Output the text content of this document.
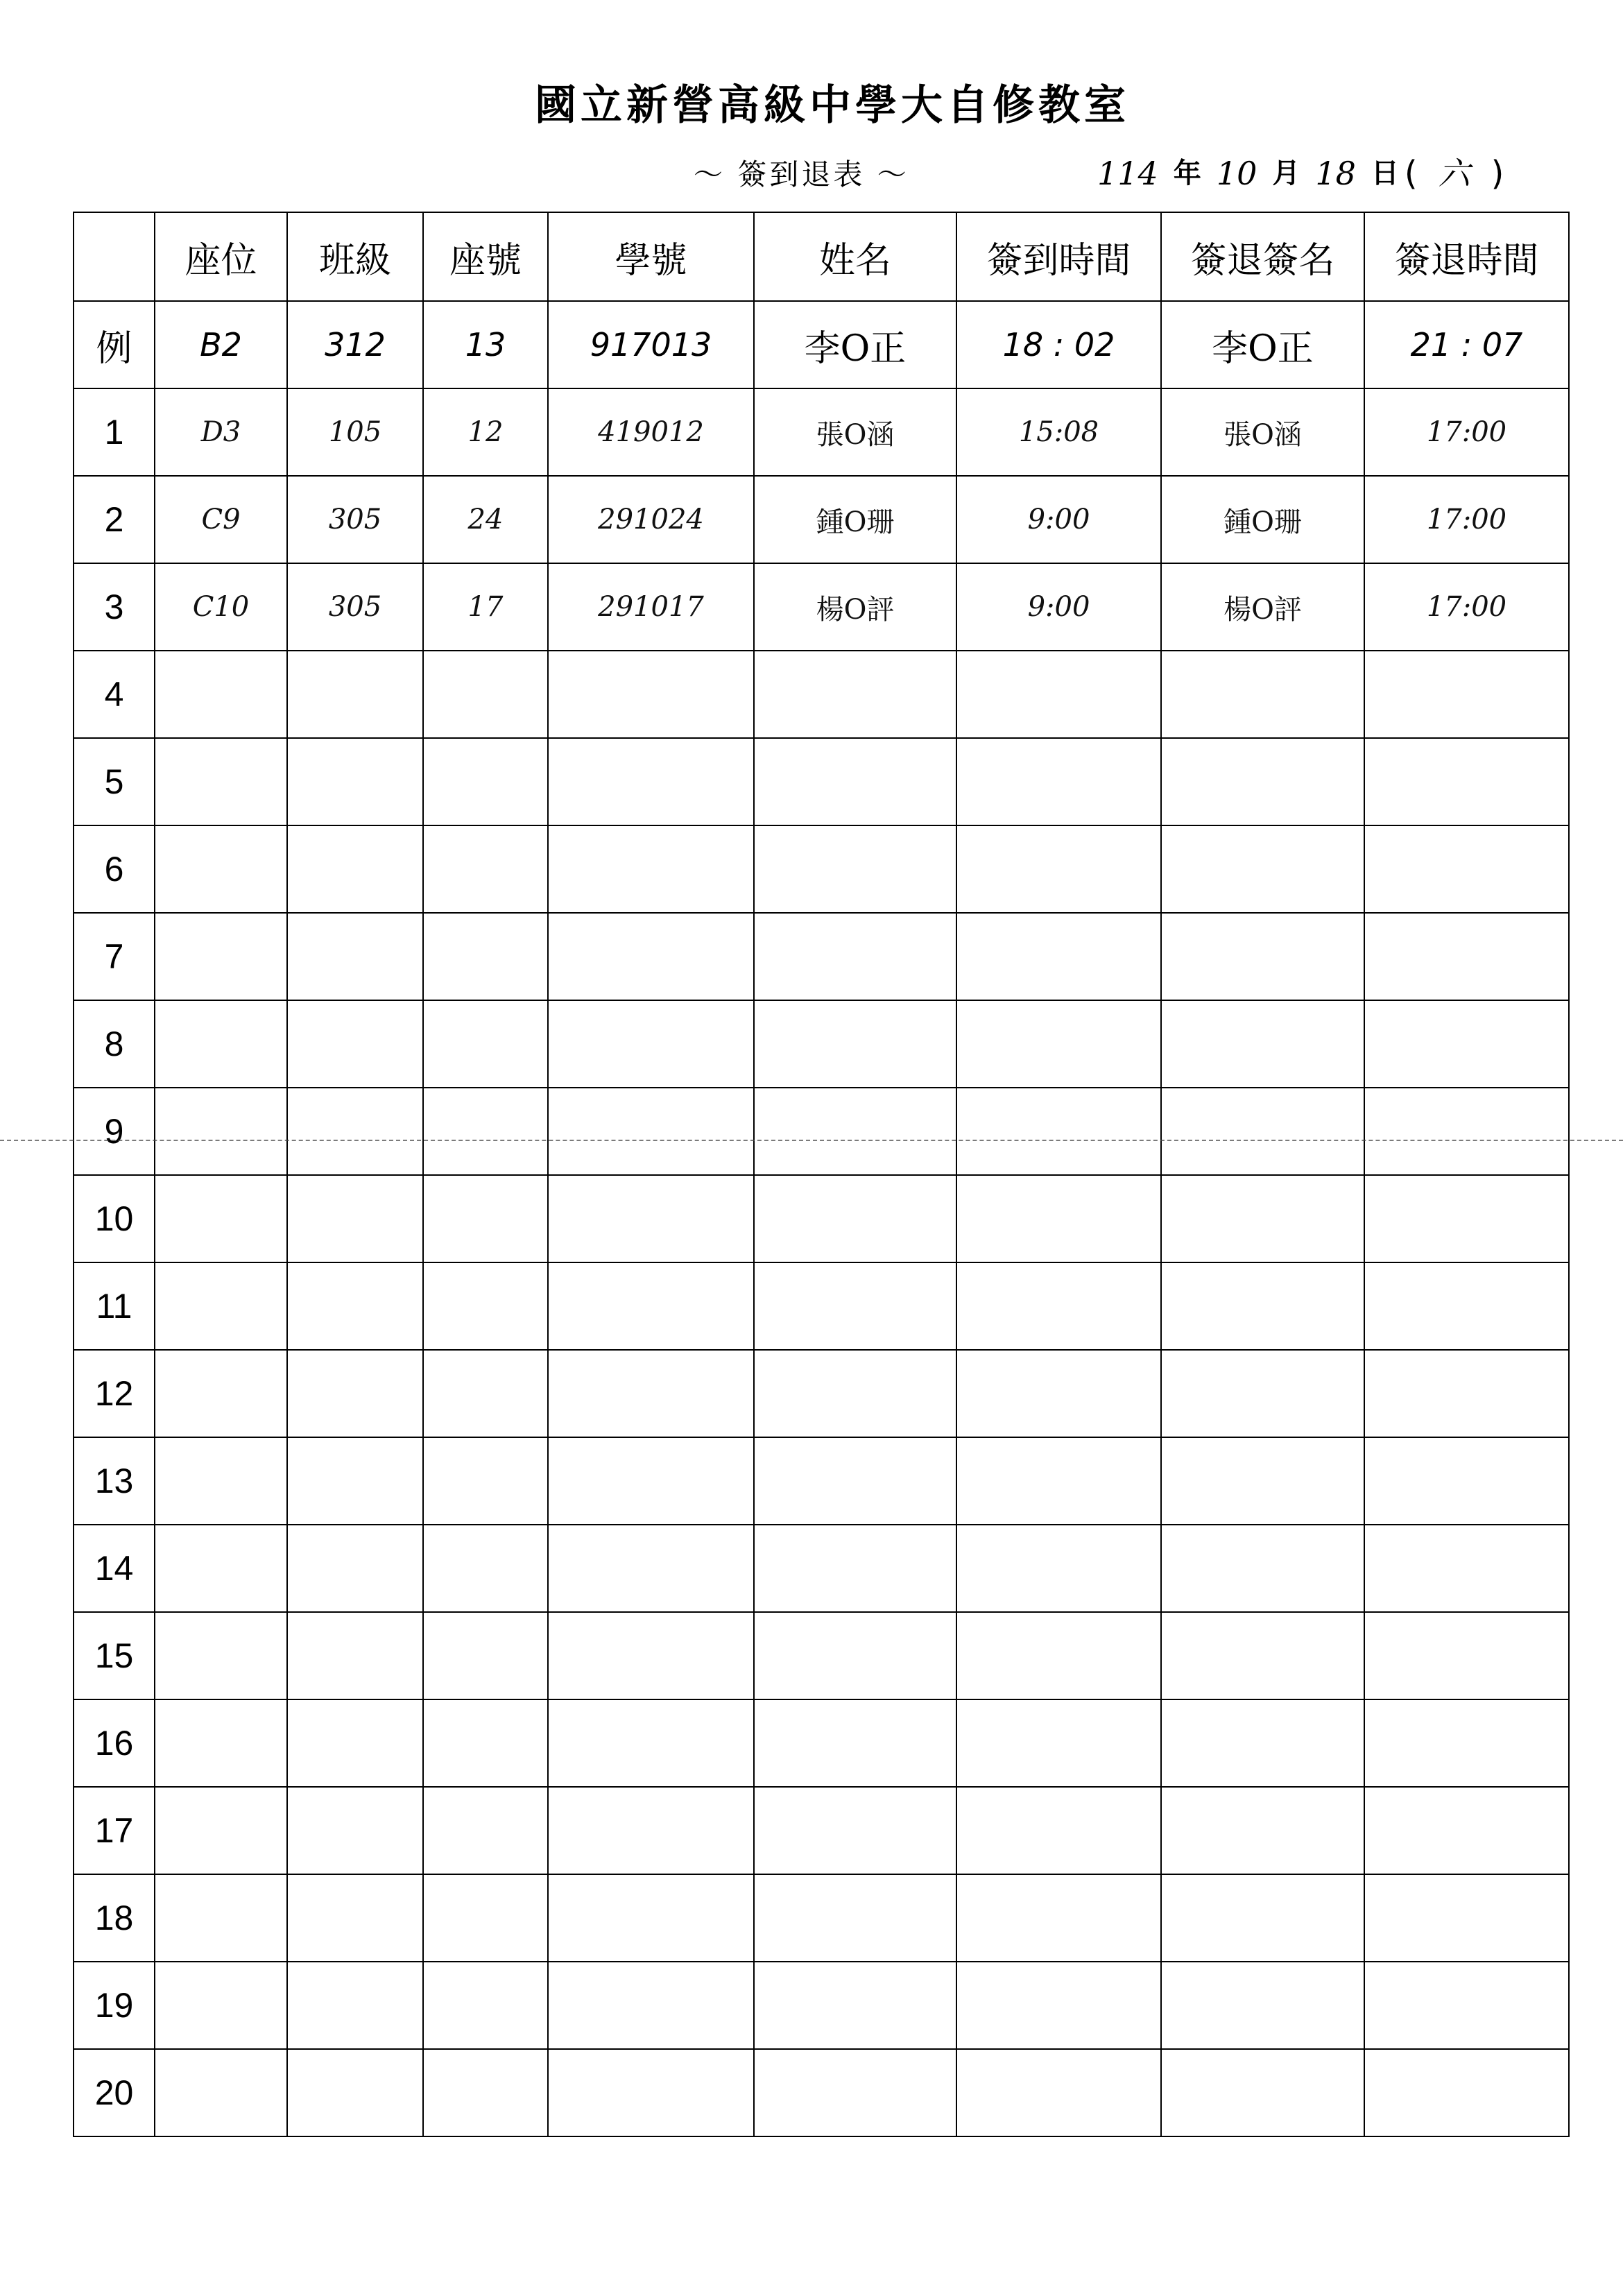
國立新營高級中學大自修教室
～ 簽到退表 ～	114 年 10 月 18 日 ( 六 )
	座位	班級	座號	學號	姓名	簽到時間	簽退簽名	簽退時間
例	B2	312	13	917013	李O正	18 : 02	李O正	21 : 07
1	D3	105	12	419012	張O涵	15:08	張O涵	17:00
2	C9	305	24	291024	鍾O珊	9:00	鍾O珊	17:00
3	C10	305	17	291017	楊O評	9:00	楊O評	17:00
4								
5								
6								
7								
8								
9								
10								
11								
12								
13								
14								
15								
16								
17								
18								
19								
20								
